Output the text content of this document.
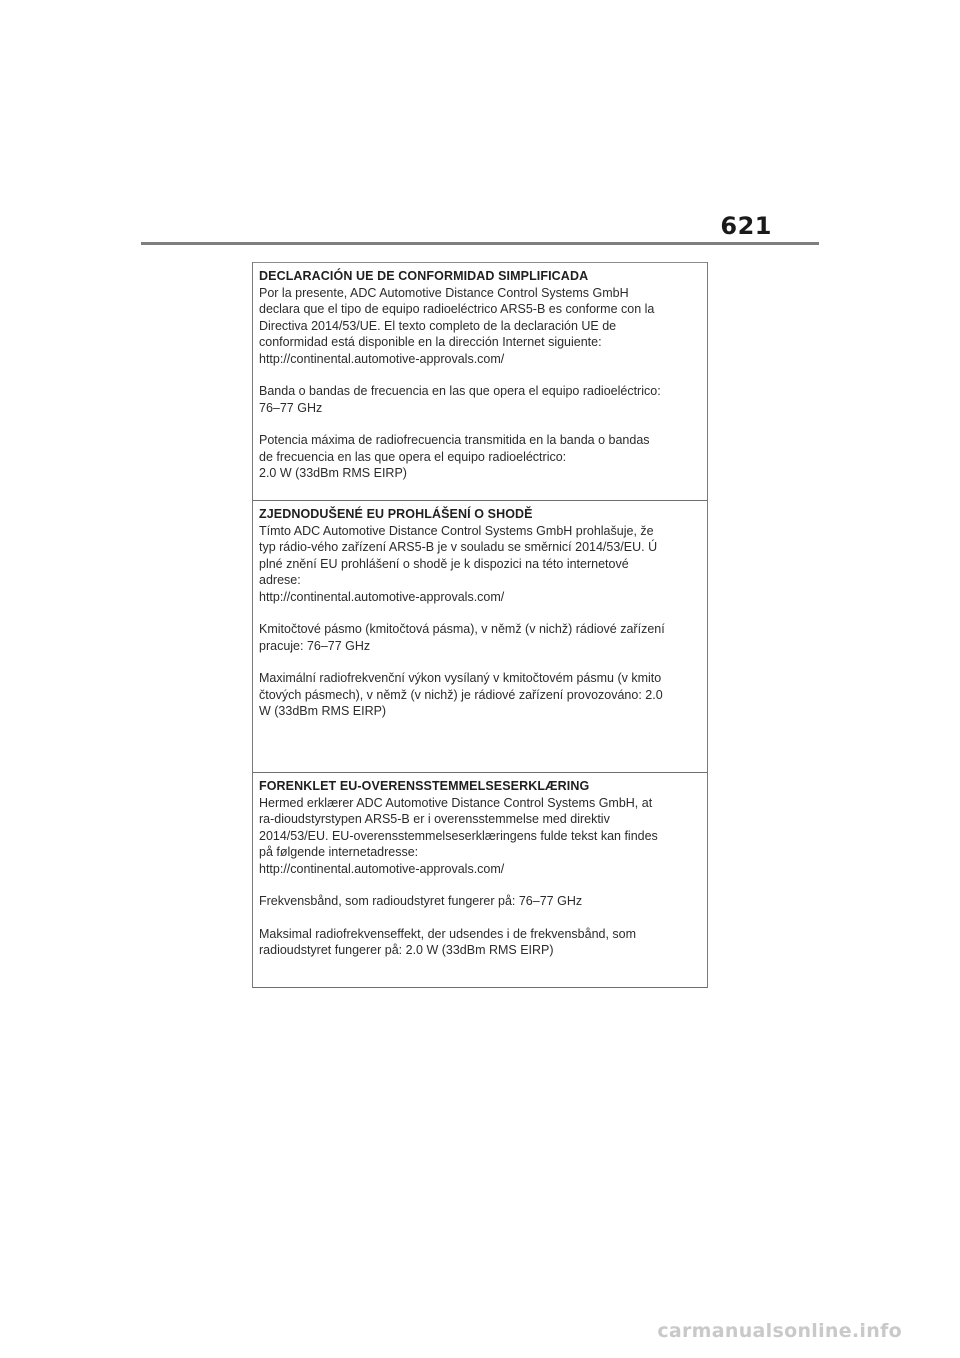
621

DECLARACIÓN UE DE CONFORMIDAD SIMPLIFICADA

Por la presente, ADC Automotive Distance Control Systems GmbH
declara que el tipo de equipo radioeléctrico ARS5-B es conforme con la
Directiva 2014/53/UE. El texto completo de la declaración UE de
conformidad está disponible en la dirección Internet siguiente:
http://continental.automotive-approvals.com/

Banda o bandas de frecuencia en las que opera el equipo radioeléctrico:
76–77 GHz

Potencia máxima de radiofrecuencia transmitida en la banda o bandas
de frecuencia en las que opera el equipo radioeléctrico:
2.0 W (33dBm RMS EIRP)

ZJEDNODUŠENÉ EU PROHLÁŠENÍ O SHODĚ

Tímto ADC Automotive Distance Control Systems GmbH prohlašuje, že
typ rádio-vého zařízení ARS5-B je v souladu se směrnicí 2014/53/EU. Ú
plné znění EU prohlášení o shodě je k dispozici na této internetové
adrese:
http://continental.automotive-approvals.com/

Kmitočtové pásmo (kmitočtová pásma), v němž (v nichž) rádiové zařízení
pracuje: 76–77 GHz

Maximální radiofrekvenční výkon vysílaný v kmitočtovém pásmu (v kmito
čtových pásmech), v němž (v nichž) je rádiové zařízení provozováno: 2.0
W (33dBm RMS EIRP)

FORENKLET EU-OVERENSSTEMMELSESERKLÆRING

Hermed erklærer ADC Automotive Distance Control Systems GmbH, at
ra-dioudstyrstypen ARS5-B er i overensstemmelse med direktiv
2014/53/EU. EU-overensstemmelseserklæringens fulde tekst kan findes
på følgende internetadresse:
http://continental.automotive-approvals.com/

Frekvensbånd, som radioudstyret fungerer på: 76–77 GHz

Maksimal radiofrekvenseffekt, der udsendes i de frekvensbånd, som
radioudstyret fungerer på: 2.0 W (33dBm RMS EIRP)

carmanualsonline.info
